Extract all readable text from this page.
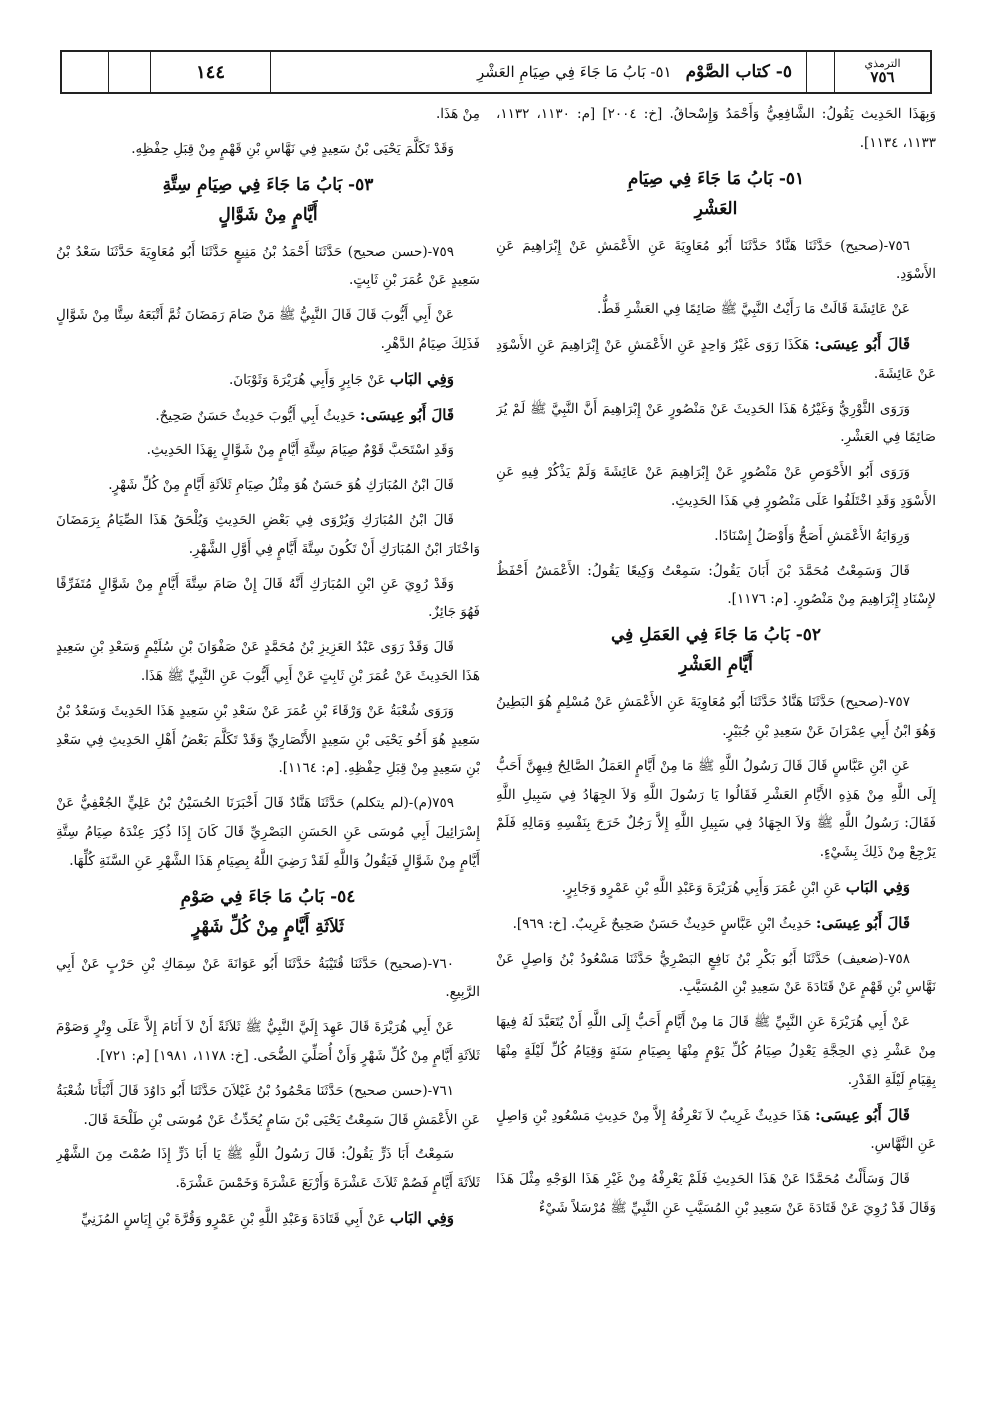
الترمذي
٧٥٦
٥- كتاب الصَّوْم
٥١- بَابُ مَا جَاءَ فِي صِيَامِ العَشْرِ
١٤٤

وَبِهَذَا الحَدِيث يَقُولُ: الشَّافِعِيُّ وَأَحْمَدُ وَإِسْحاقُ. [خ: ٢٠٠٤] [م: ١١٣٠، ١١٣٢، ١١٣٣، ١١٣٤].

٥١- بَابُ مَا جَاءَ فِي صِيَامِ
العَشْرِ

٧٥٦-(صحيح) حَدَّثَنَا هَنَّادٌ حَدَّثَنَا أَبُو مُعَاوِيَةَ عَنِ الأَعْمَشِ عَنْ إِبْرَاهِيمَ عَنِ الأَسْوَدِ.

عَنْ عَائِشَةَ قَالَتْ مَا رَأَيْتُ النَّبِيَّ ﷺ صَائِمًا فِي العَشْرِ قَطُّ.

قَالَ أَبُو عِيسَى: هَكَذَا رَوَى غَيْرُ وَاحِدٍ عَنِ الأَعْمَشِ عَنْ إِبْرَاهِيمَ عَنِ الأَسْوَدِ عَنْ عَائِشَةَ.

وَرَوَى الثَّوْرِيُّ وَغَيْرُهُ هَذَا الحَدِيثَ عَنْ مَنْصُورٍ عَنْ إِبْرَاهِيمَ أَنَّ النَّبِيَّ ﷺ لَمْ يُرَ صَائِمًا فِي العَشْرِ.

وَرَوَى أَبُو الأَحْوَصِ عَنْ مَنْصُورٍ عَنْ إِبْرَاهِيمَ عَنْ عَائِشَةَ وَلَمْ يَذْكُرْ فِيهِ عَنِ الأَسْوَدِ وَقَدِ اخْتَلَفُوا عَلَى مَنْصُورٍ فِي هَذَا الحَدِيثِ.

وَرِوَايَةُ الأَعْمَشِ أَصَحُّ وَأَوْصَلُ إِسْنَادًا.

قَالَ وَسَمِعْتُ مُحَمَّدَ بْنَ أَبَانَ يَقُولُ: سَمِعْتُ وَكِيعًا يَقُولُ: الأَعْمَشُ أَحْفَظُ لإِسْنَادِ إِبْرَاهِيمَ مِنْ مَنْصُورٍ. [م: ١١٧٦].

٥٢- بَابُ مَا جَاءَ فِي العَمَلِ فِي
أَيَّامِ العَشْرِ

٧٥٧-(صحيح) حَدَّثَنَا هَنَّادٌ حَدَّثَنَا أَبُو مُعَاوِيَةَ عَنِ الأَعْمَشِ عَنْ مُسْلِمٍ هُوَ البَطِينُ وَهُوَ ابْنُ أَبِي عِمْرَانَ عَنْ سَعِيدِ بْنِ جُبَيْرٍ.

عَنِ ابْنِ عَبَّاسٍ قَالَ قَالَ رَسُولُ اللَّهِ ﷺ مَا مِنْ أَيَّامٍ العَمَلُ الصَّالِحُ فِيهِنَّ أَحَبُّ إِلَى اللَّهِ مِنْ هَذِهِ الأَيَّامِ العَشْرِ فَقَالُوا يَا رَسُولَ اللَّهِ وَلاَ الجِهَادُ فِي سَبِيلِ اللَّهِ فَقَالَ: رَسُولُ اللَّهِ ﷺ وَلاَ الجِهَادُ فِي سَبِيلِ اللَّهِ إِلاَّ رَجُلٌ خَرَجَ بِنَفْسِهِ وَمَالِهِ فَلَمْ يَرْجِعْ مِنْ ذَلِكَ بِشَيْءٍ.

وَفِي البَاب عَنِ ابْنِ عُمَرَ وَأَبِي هُرَيْرَةَ وَعَبْدِ اللَّهِ بْنِ عَمْرٍو وَجَابِرٍ.

قَالَ أَبُو عِيسَى: حَدِيثُ ابْنِ عَبَّاسٍ حَدِيثٌ حَسَنٌ صَحِيحٌ غَرِيبٌ. [خ: ٩٦٩].

٧٥٨-(ضعيف) حَدَّثَنَا أَبُو بَكْرِ بْنُ نَافِعٍ البَصْرِيُّ حَدَّثَنَا مَسْعُودُ بْنُ وَاصِلٍ عَنْ نَهَّاسِ بْنِ قَهْمٍ عَنْ قَتَادَةَ عَنْ سَعِيدِ بْنِ المُسَيَّبِ.

عَنْ أَبِي هُرَيْرَةَ عَنِ النَّبِيِّ ﷺ قَالَ مَا مِنْ أَيَّامٍ أَحَبُّ إِلَى اللَّهِ أَنْ يُتَعَبَّدَ لَهُ فِيهَا مِنْ عَشْرِ ذِي الحِجَّةِ يَعْدِلُ صِيَامُ كُلِّ يَوْمٍ مِنْهَا بِصِيَامِ سَنَةٍ وَقِيَامُ كُلِّ لَيْلَةٍ مِنْهَا بِقِيَامِ لَيْلَةِ القَدْرِ.

قَالَ أَبُو عِيسَى: هَذَا حَدِيثٌ غَرِيبٌ لاَ نَعْرِفُهُ إِلاَّ مِنْ حَدِيثِ مَسْعُودِ بْنِ وَاصِلٍ عَنِ النَّهَّاسِ.

قَالَ وَسَأَلْتُ مُحَمَّدًا عَنْ هَذَا الحَدِيثِ فَلَمْ يَعْرِفْهُ مِنْ غَيْرِ هَذَا الوَجْهِ مِثْلَ هَذَا وَقَالَ قَدْ رُوِيَ عَنْ قَتَادَةَ عَنْ سَعِيدِ بْنِ المُسَيَّبِ عَنِ النَّبِيِّ ﷺ مُرْسَلاً شَيْءٌ

مِنْ هَذَا.

وَقَدْ تَكَلَّمَ يَحْيَى بْنُ سَعِيدٍ فِي نَهَّاسِ بْنِ قَهْمٍ مِنْ قِبَلِ حِفْظِهِ.

٥٣- بَابُ مَا جَاءَ فِي صِيَامِ سِتَّةِ
أَيَّامٍ مِنْ شَوَّالٍ

٧٥٩-(حسن صحيح) حَدَّثَنَا أَحْمَدُ بْنُ مَنِيعٍ حَدَّثَنَا أَبُو مُعَاوِيَةَ حَدَّثَنَا سَعْدُ بْنُ سَعِيدٍ عَنْ عُمَرَ بْنِ ثَابِتٍ.

عَنْ أَبِي أَيُّوبَ قَالَ قَالَ النَّبِيُّ ﷺ مَنْ صَامَ رَمَضَانَ ثُمَّ أَتْبَعَهُ سِتًّا مِنْ شَوَّالٍ فَذَلِكَ صِيَامُ الدَّهْرِ.

وَفِي البَاب عَنْ جَابِرٍ وَأَبِي هُرَيْرَةَ وَثَوْبَانَ.

قَالَ أَبُو عِيسَى: حَدِيثُ أَبِي أَيُّوبَ حَدِيثٌ حَسَنٌ صَحِيحٌ.

وَقَدِ اسْتَحَبَّ قَوْمٌ صِيَامَ سِتَّةِ أَيَّامٍ مِنْ شَوَّالٍ بِهَذَا الحَدِيثِ.

قَالَ ابْنُ المُبَارَكِ هُوَ حَسَنٌ هُوَ مِثْلُ صِيَامِ ثَلاَثَةِ أَيَّامٍ مِنْ كُلِّ شَهْرٍ.

قَالَ ابْنُ المُبَارَكِ وَيُرْوَى فِي بَعْضِ الحَدِيثِ وَيُلْحَقُ هَذَا الصِّيَامُ بِرَمَضَانَ وَاخْتَارَ ابْنُ المُبَارَكِ أَنْ تَكُونَ سِتَّةَ أَيَّامٍ فِي أَوَّلِ الشَّهْرِ.

وَقَدْ رُوِيَ عَنِ ابْنِ المُبَارَكِ أَنَّهُ قَالَ إِنْ صَامَ سِتَّةَ أَيَّامٍ مِنْ شَوَّالٍ مُتَفَرِّقًا فَهُوَ جَائِزٌ.

قَالَ وَقَدْ رَوَى عَبْدُ العَزِيزِ بْنُ مُحَمَّدٍ عَنْ صَفْوَانَ بْنِ سُلَيْمٍ وَسَعْدِ بْنِ سَعِيدٍ هَذَا الحَدِيثَ عَنْ عُمَرَ بْنِ ثَابِتٍ عَنْ أَبِي أَيُّوبَ عَنِ النَّبِيِّ ﷺ هَذَا.

وَرَوَى شُعْبَةُ عَنْ وَرْقَاءَ بْنِ عُمَرَ عَنْ سَعْدِ بْنِ سَعِيدٍ هَذَا الحَدِيثَ وَسَعْدُ بْنُ سَعِيدٍ هُوَ أَخُو يَحْيَى بْنِ سَعِيدٍ الأَنْصَارِيِّ وَقَدْ تَكَلَّمَ بَعْضُ أَهْلِ الحَدِيثِ فِي سَعْدِ بْنِ سَعِيدٍ مِنْ قِبَلِ حِفْظِهِ. [م: ١١٦٤].

٧٥٩(م)-(لم يتكلم) حَدَّثَنَا هَنَّادٌ قَالَ أَخْبَرَنَا الحُسَيْنُ بْنُ عَلِيٍّ الجُعْفِيُّ عَنْ إِسْرَائِيلَ أَبِي مُوسَى عَنِ الحَسَنِ البَصْرِيِّ قَالَ كَانَ إِذَا ذُكِرَ عِنْدَهُ صِيَامُ سِتَّةِ أَيَّامٍ مِنْ شَوَّالٍ فَيَقُولُ وَاللَّهِ لَقَدْ رَضِيَ اللَّهُ بِصِيَامِ هَذَا الشَّهْرِ عَنِ السَّنَةِ كُلِّهَا.

٥٤- بَابُ مَا جَاءَ فِي صَوْمِ
ثَلاَثَةِ أَيَّامٍ مِنْ كُلِّ شَهْرٍ

٧٦٠-(صحيح) حَدَّثَنَا قُتَيْبَةُ حَدَّثَنَا أَبُو عَوَانَةَ عَنْ سِمَاكِ بْنِ حَرْبٍ عَنْ أَبِي الرَّبِيعِ.

عَنْ أَبِي هُرَيْرَةَ قَالَ عَهِدَ إِلَيَّ النَّبِيُّ ﷺ ثَلاَثَةً أَنْ لاَ أَنَامَ إِلاَّ عَلَى وِتْرٍ وَصَوْمَ ثَلاَثَةِ أَيَّامٍ مِنْ كُلِّ شَهْرٍ وَأَنْ أُصَلِّيَ الضُّحَى. [خ: ١١٧٨، ١٩٨١] [م: ٧٢١].

٧٦١-(حسن صحيح) حَدَّثَنَا مَحْمُودُ بْنُ غَيْلاَنَ حَدَّثَنَا أَبُو دَاوُدَ قَالَ أَنْبَأَنَا شُعْبَةُ عَنِ الأَعْمَشِ قَالَ سَمِعْتُ يَحْيَى بْنَ سَامٍ يُحَدِّثُ عَنْ مُوسَى بْنِ طَلْحَةَ قَالَ.

سَمِعْتُ أَبَا ذَرٍّ يَقُولُ: قَالَ رَسُولُ اللَّهِ ﷺ يَا أَبَا ذَرٍّ إِذَا صُمْتَ مِنَ الشَّهْرِ ثَلاَثَةَ أَيَّامٍ فَصُمْ ثَلاَثَ عَشْرَةَ وَأَرْبَعَ عَشْرَةَ وَخَمْسَ عَشْرَةَ.

وَفِي البَاب عَنْ أَبِي قَتَادَةَ وَعَبْدِ اللَّهِ بْنِ عَمْرٍو وَقُرَّةَ بْنِ إِيَاسٍ المُزَنِيِّ
